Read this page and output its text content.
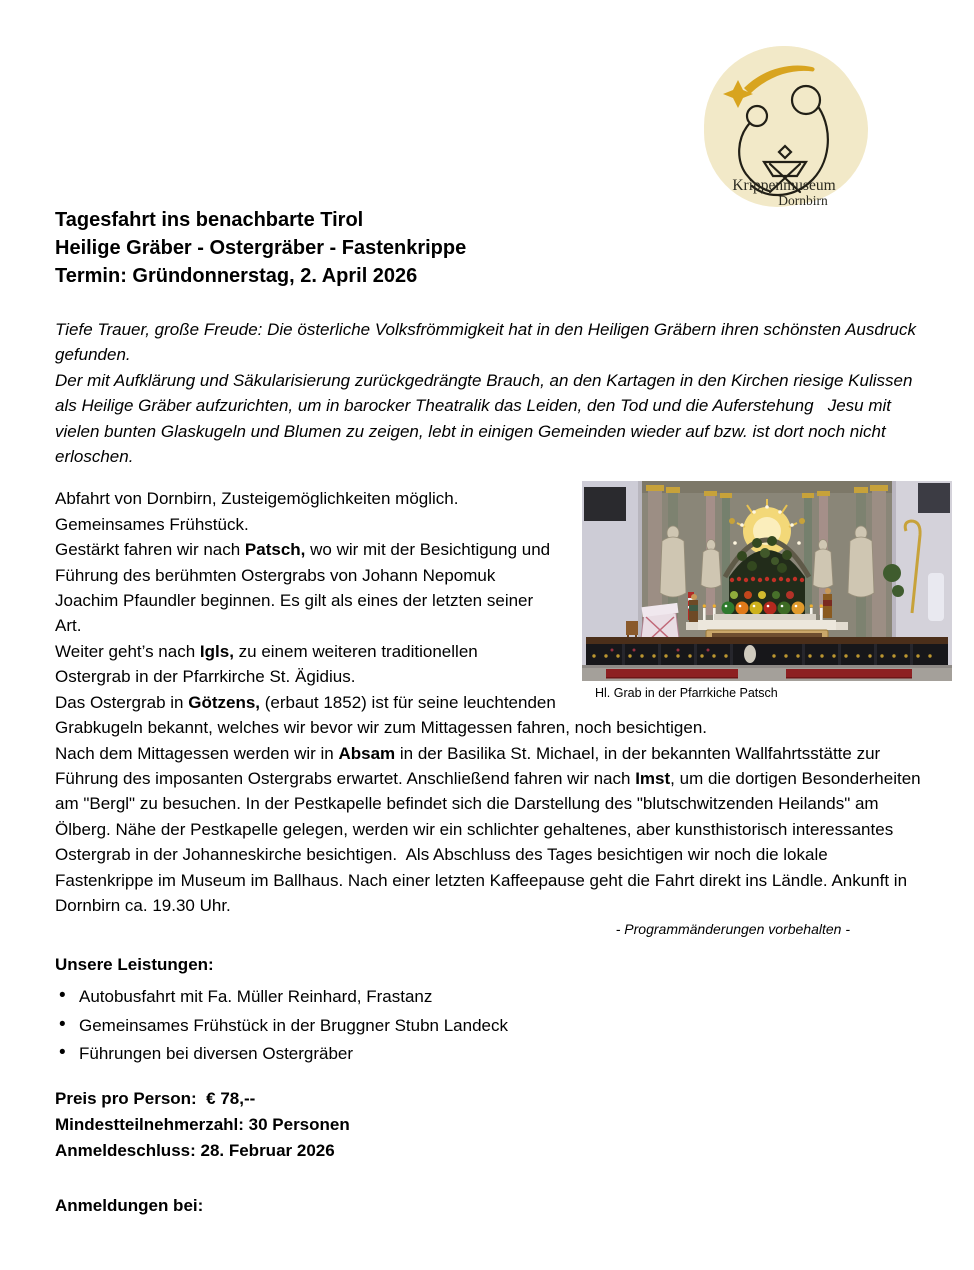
Krippenmuseum
Dornbirn
Tagesfahrt ins benachbarte Tirol
Heilige Gräber - Ostergräber - Fastenkrippe
Termin: Gründonnerstag, 2. April 2026

Tiefe Trauer, große Freude: Die österliche Volksfrömmigkeit hat in den Heiligen Gräbern ihren schönsten Ausdruck gefunden.

Der mit Aufklärung und Säkularisierung zurückgedrängte Brauch, an den Kartagen in den Kirchen riesige Kulissen als Heilige Gräber aufzurichten, um in barocker Theatralik das Leiden, den Tod und die Auferstehung   Jesu mit vielen bunten Glaskugeln und Blumen zu zeigen, lebt in einigen Gemeinden wieder auf bzw. ist dort noch nicht erloschen.

Hl. Grab in der Pfarrkiche Patsch

Abfahrt von Dornbirn, Zusteigemöglichkeiten möglich.

Gemeinsames Frühstück.

Gestärkt fahren wir nach Patsch, wo wir mit der Besichtigung und Führung des berühmten Ostergrabs von Johann Nepomuk Joachim Pfaundler beginnen. Es gilt als eines der letzten seiner Art.

Weiter geht’s nach Igls, zu einem weiteren traditionellen Ostergrab in der Pfarrkirche St. Ägidius.

Das Ostergrab in Götzens, (erbaut 1852) ist für seine leuchtenden Grabkugeln bekannt, welches wir bevor wir zum Mittagessen fahren, noch besichtigen.

Nach dem Mittagessen werden wir in Absam in der Basilika St. Michael, in der bekannten Wallfahrtsstätte zur Führung des imposanten Ostergrabs erwartet. Anschließend fahren wir nach Imst, um die dortigen Besonderheiten am "Bergl" zu besuchen. In der Pestkapelle befindet sich die Darstellung des "blutschwitzenden Heilands" am Ölberg. Nähe der Pestkapelle gelegen, werden wir ein schlichter gehaltenes, aber kunsthistorisch interessantes Ostergrab in der Johanneskirche besichtigen.  Als Abschluss des Tages besichtigen wir noch die lokale Fastenkrippe im Museum im Ballhaus. Nach einer letzten Kaffeepause geht die Fahrt direkt ins Ländle. Ankunft in Dornbirn ca. 19.30 Uhr.

- Programmänderungen vorbehalten -
Unsere Leistungen:
• Autobusfahrt mit Fa. Müller Reinhard, Frastanz
• Gemeinsames Frühstück in der Bruggner Stubn Landeck
• Führungen bei diversen Ostergräber
Preis pro Person:  € 78,--
Mindestteilnehmerzahl: 30 Personen
Anmeldeschluss: 28. Februar 2026
Anmeldungen bei:
